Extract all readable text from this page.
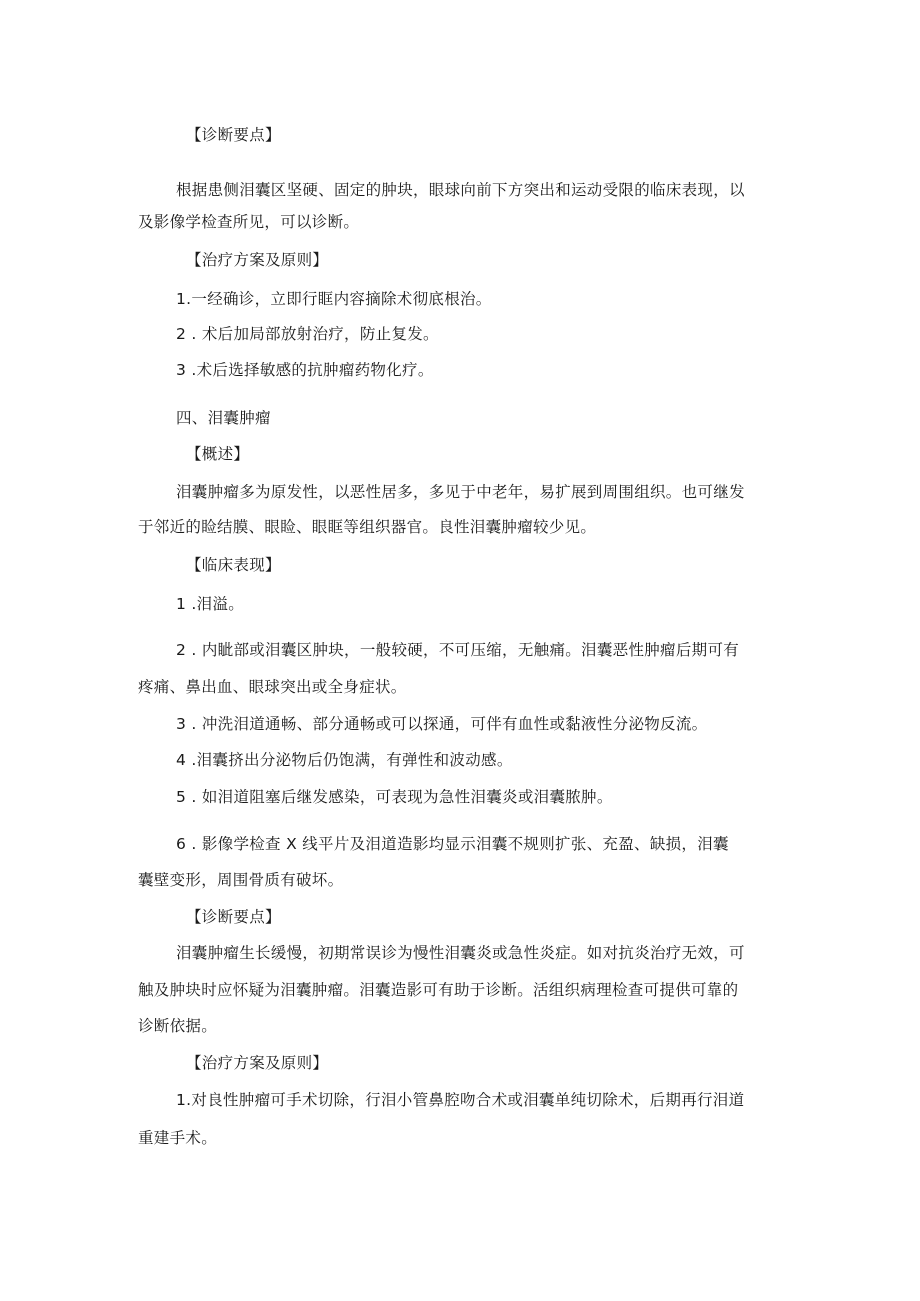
【诊断要点】
根据患侧泪囊区坚硬、固定的肿块，眼球向前下方突出和运动受限的临床表现，以
及影像学检查所见，可以诊断。
【治疗方案及原则】
1.一经确诊，立即行眶内容摘除术彻底根治。
2 . 术后加局部放射治疗，防止复发。
3 .术后选择敏感的抗肿瘤药物化疗。
四、泪囊肿瘤
【概述】
泪囊肿瘤多为原发性，以恶性居多，多见于中老年，易扩展到周围组织。也可继发
于邻近的睑结膜、眼睑、眼眶等组织器官。良性泪囊肿瘤较少见。
【临床表现】
1 .泪溢。
2 . 内眦部或泪囊区肿块，一般较硬，不可压缩，无触痛。泪囊恶性肿瘤后期可有
疼痛、鼻出血、眼球突出或全身症状。
3 . 冲洗泪道通畅、部分通畅或可以探通，可伴有血性或黏液性分泌物反流。
4 .泪囊挤出分泌物后仍饱满，有弹性和波动感。
5 . 如泪道阻塞后继发感染，可表现为急性泪囊炎或泪囊脓肿。
6 . 影像学检查 X 线平片及泪道造影均显示泪囊不规则扩张、充盈、缺损，泪囊
囊壁变形，周围骨质有破坏。
【诊断要点】
泪囊肿瘤生长缓慢，初期常误诊为慢性泪囊炎或急性炎症。如对抗炎治疗无效，可
触及肿块时应怀疑为泪囊肿瘤。泪囊造影可有助于诊断。活组织病理检查可提供可靠的
诊断依据。
【治疗方案及原则】
1.对良性肿瘤可手术切除，行泪小管鼻腔吻合术或泪囊单纯切除术，后期再行泪道
重建手术。
